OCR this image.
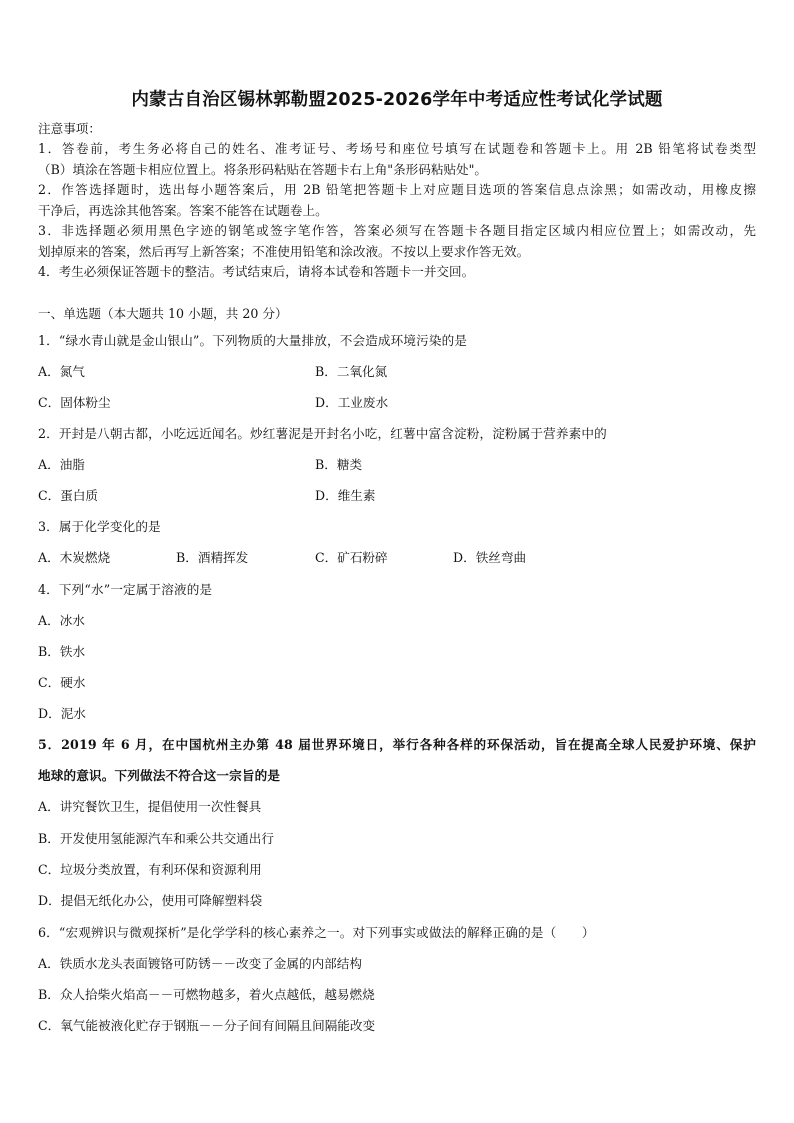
内蒙古自治区锡林郭勒盟2025-2026学年中考适应性考试化学试题
注意事项：
1．答卷前，考生务必将自己的姓名、准考证号、考场号和座位号填写在试题卷和答题卡上。用 2B 铅笔将试卷类型
（B）填涂在答题卡相应位置上。将条形码粘贴在答题卡右上角"条形码粘贴处"。
2．作答选择题时，选出每小题答案后，用 2B 铅笔把答题卡上对应题目选项的答案信息点涂黑；如需改动，用橡皮擦
干净后，再选涂其他答案。答案不能答在试题卷上。
3．非选择题必须用黑色字迹的钢笔或签字笔作答，答案必须写在答题卡各题目指定区域内相应位置上；如需改动，先
划掉原来的答案，然后再写上新答案；不准使用铅笔和涂改液。不按以上要求作答无效。
4．考生必须保证答题卡的整洁。考试结束后，请将本试卷和答题卡一并交回。
一、单选题（本大题共 10 小题，共 20 分）
1．“绿水青山就是金山银山”。下列物质的大量排放，不会造成环境污染的是
A．氮气	B．二氧化氮
C．固体粉尘	D．工业废水
2．开封是八朝古都，小吃远近闻名。炒红薯泥是开封名小吃，红薯中富含淀粉，淀粉属于营养素中的
A．油脂	B．糖类
C．蛋白质	D．维生素
3．属于化学变化的是
A．木炭燃烧	B．酒精挥发	C．矿石粉碎	D．铁丝弯曲
4．下列“水”一定属于溶液的是
A．冰水
B．铁水
C．硬水
D．泥水
5．2019 年 6 月，在中国杭州主办第 48 届世界环境日，举行各种各样的环保活动，旨在提高全球人民爱护环境、保护
地球的意识。下列做法不符合这一宗旨的是
A．讲究餐饮卫生，提倡使用一次性餐具
B．开发使用氢能源汽车和乘公共交通出行
C．垃圾分类放置，有利环保和资源利用
D．提倡无纸化办公，使用可降解塑料袋
6．“宏观辨识与微观探析”是化学学科的核心素养之一。对下列事实或做法的解释正确的是（　　）
A．铁质水龙头表面镀铬可防锈－－改变了金属的内部结构
B．众人拾柴火焰高－－可燃物越多，着火点越低，越易燃烧
C．氧气能被液化贮存于钢瓶－－分子间有间隔且间隔能改变
